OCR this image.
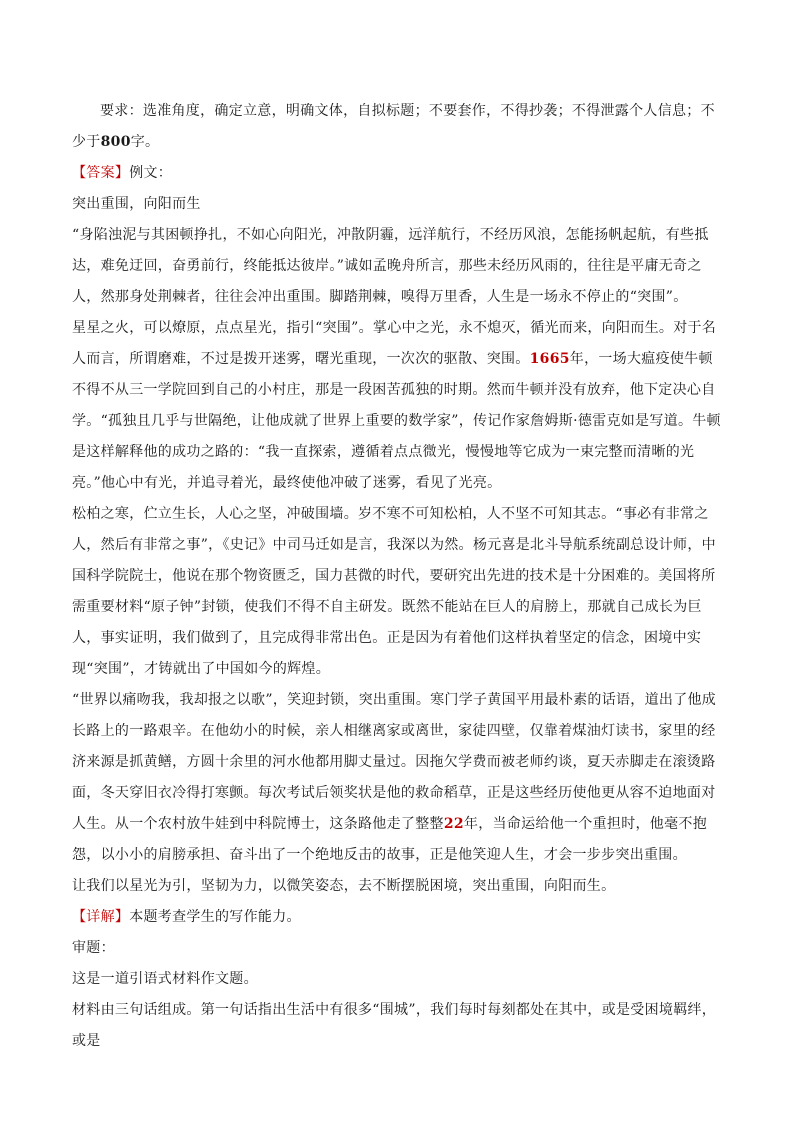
要求：选准角度，确定立意，明确文体，自拟标题；不要套作，不得抄袭；不得泄露个人信息；不少于800字。

【答案】例文：

突出重围，向阳而生

“身陷浊泥与其困顿挣扎，不如心向阳光，冲散阴霾，远洋航行，不经历风浪，怎能扬帆起航，有些抵达，难免迂回，奋勇前行，终能抵达彼岸。”诚如孟晚舟所言，那些未经历风雨的，往往是平庸无奇之人，然那身处荆棘者，往往会冲出重围。脚踏荆棘，嗅得万里香，人生是一场永不停止的“突围”。

星星之火，可以燎原，点点星光，指引“突围”。掌心中之光，永不熄灭，循光而来，向阳而生。对于名人而言，所谓磨难，不过是拨开迷雾，曙光重现，一次次的驱散、突围。1665年，一场大瘟疫使牛顿不得不从三一学院回到自己的小村庄，那是一段困苦孤独的时期。然而牛顿并没有放弃，他下定决心自学。“孤独且几乎与世隔绝，让他成就了世界上重要的数学家”，传记作家詹姆斯·德雷克如是写道。牛顿是这样解释他的成功之路的：“我一直探索，遵循着点点微光，慢慢地等它成为一束完整而清晰的光亮。”他心中有光，并追寻着光，最终使他冲破了迷雾，看见了光亮。

松柏之寒，伫立生长，人心之坚，冲破围墙。岁不寒不可知松柏，人不坚不可知其志。“事必有非常之人，然后有非常之事”，《史记》中司马迁如是言，我深以为然。杨元喜是北斗导航系统副总设计师，中国科学院院士，他说在那个物资匮乏，国力甚微的时代，要研究出先进的技术是十分困难的。美国将所需重要材料“原子钟”封锁，使我们不得不自主研发。既然不能站在巨人的肩膀上，那就自己成长为巨人，事实证明，我们做到了，且完成得非常出色。正是因为有着他们这样执着坚定的信念，困境中实现“突围”，才铸就出了中国如今的辉煌。

“世界以痛吻我，我却报之以歌”，笑迎封锁，突出重围。寒门学子黄国平用最朴素的话语，道出了他成长路上的一路艰辛。在他幼小的时候，亲人相继离家或离世，家徒四壁，仅靠着煤油灯读书，家里的经济来源是抓黄鳝，方圆十余里的河水他都用脚丈量过。因拖欠学费而被老师约谈，夏天赤脚走在滚烫路面，冬天穿旧衣冷得打寒颤。每次考试后领奖状是他的救命稻草，正是这些经历使他更从容不迫地面对人生。从一个农村放牛娃到中科院博士，这条路他走了整整22年，当命运给他一个重担时，他毫不抱怨，以小小的肩膀承担、奋斗出了一个绝地反击的故事，正是他笑迎人生，才会一步步突出重围。

让我们以星光为引，坚韧为力，以微笑姿态，去不断摆脱困境，突出重围，向阳而生。

【详解】本题考查学生的写作能力。

审题：

这是一道引语式材料作文题。

材料由三句话组成。第一句话指出生活中有很多“围城”，我们每时每刻都处在其中，或是受困境羁绊，或是
